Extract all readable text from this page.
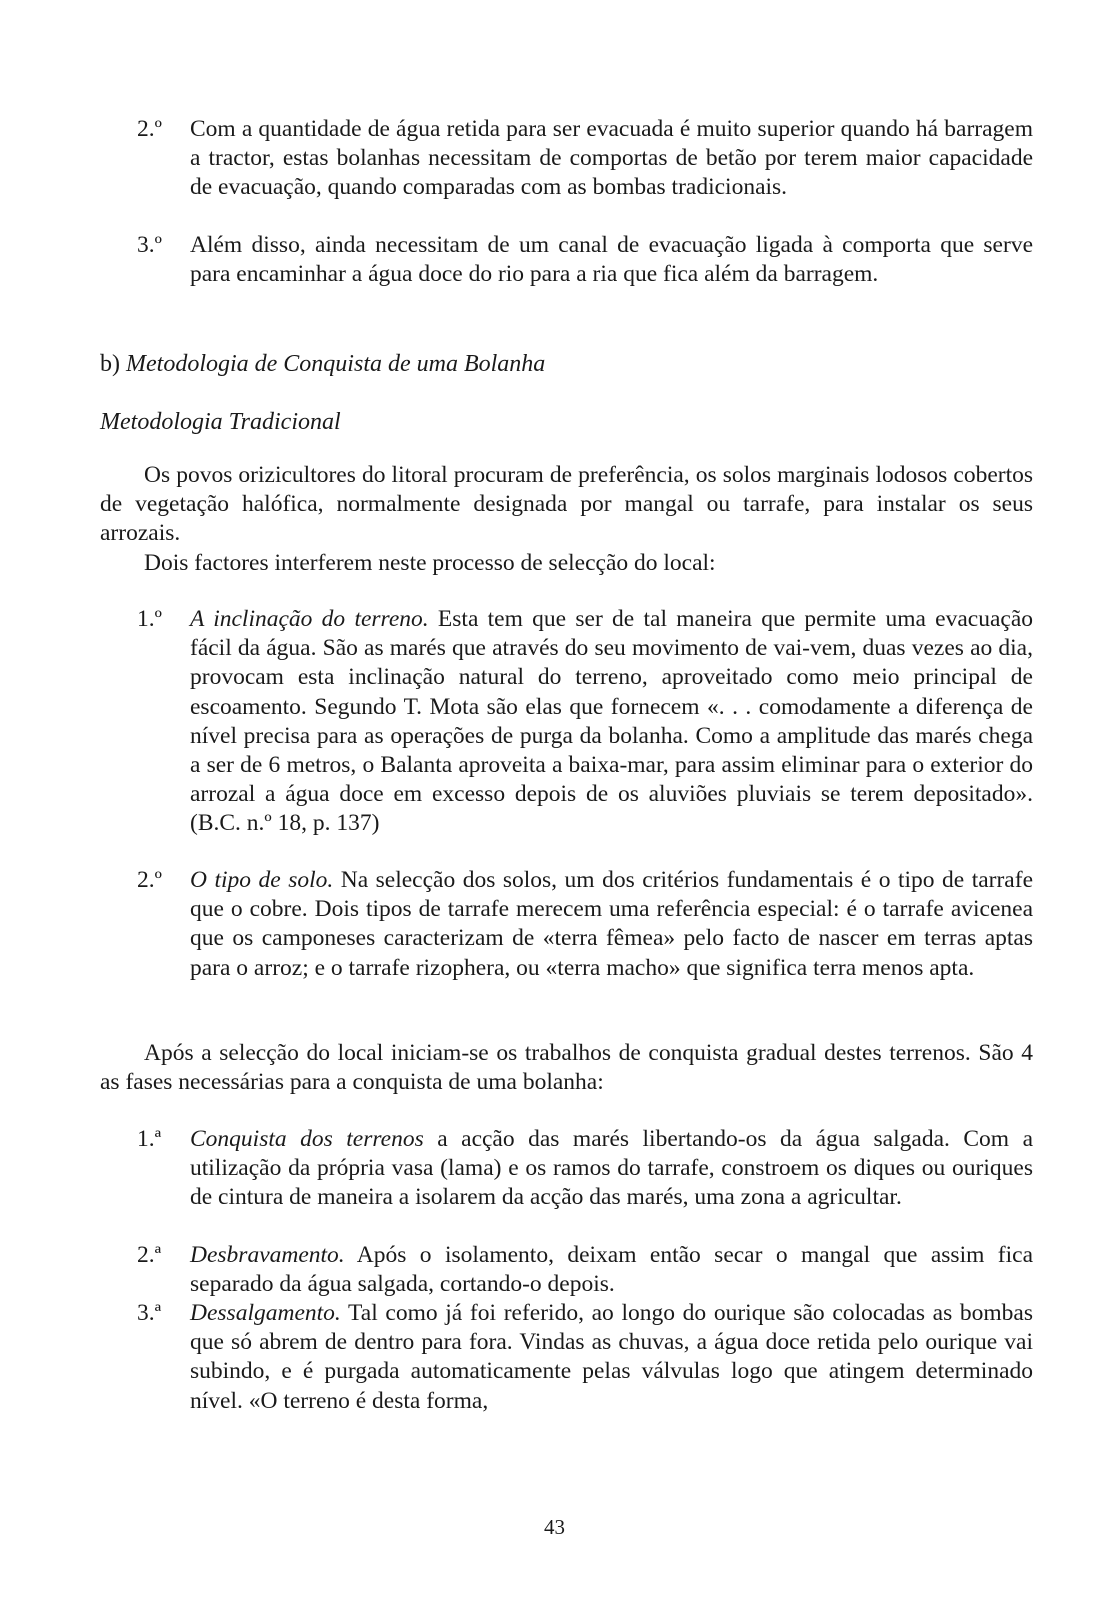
2.º	Com a quantidade de água retida para ser evacuada é muito superior quando há barragem a tractor, estas bolanhas necessitam de comportas de betão por terem maior capacidade de evacuação, quando comparadas com as bombas tradicionais.
3.º	Além disso, ainda necessitam de um canal de evacuação ligada à comporta que serve para encaminhar a água doce do rio para a ria que fica além da barragem.
b) Metodologia de Conquista de uma Bolanha
Metodologia Tradicional
Os povos orizicultores do litoral procuram de preferência, os solos marginais lodosos cobertos de vegetação halófica, normalmente designada por mangal ou tarrafe, para instalar os seus arrozais.
Dois factores interferem neste processo de selecção do local:
1.º	A inclinação do terreno. Esta tem que ser de tal maneira que permite uma evacuação fácil da água. São as marés que através do seu movimento de vai-vem, duas vezes ao dia, provocam esta inclinação natural do terreno, aproveitado como meio principal de escoamento. Segundo T. Mota são elas que fornecem «. . . comodamente a diferença de nível precisa para as operações de purga da bolanha. Como a amplitude das marés chega a ser de 6 metros, o Balanta aproveita a baixa-mar, para assim eliminar para o exterior do arrozal a água doce em excesso depois de os aluviões pluviais se terem depositado». (B.C. n.º 18, p. 137)
2.º	O tipo de solo. Na selecção dos solos, um dos critérios fundamentais é o tipo de tarrafe que o cobre. Dois tipos de tarrafe merecem uma referência especial: é o tarrafe avicenea que os camponeses caracterizam de «terra fêmea» pelo facto de nascer em terras aptas para o arroz; e o tarrafe rizophera, ou «terra macho» que significa terra menos apta.
Após a selecção do local iniciam-se os trabalhos de conquista gradual destes terrenos. São 4 as fases necessárias para a conquista de uma bolanha:
1.ª	Conquista dos terrenos a acção das marés libertando-os da água salgada. Com a utilização da própria vasa (lama) e os ramos do tarrafe, constroem os diques ou ouriques de cintura de maneira a isolarem da acção das marés, uma zona a agricultar.
2.ª	Desbravamento. Após o isolamento, deixam então secar o mangal que assim fica separado da água salgada, cortando-o depois.
3.ª	Dessalgamento. Tal como já foi referido, ao longo do ourique são colocadas as bombas que só abrem de dentro para fora. Vindas as chuvas, a água doce retida pelo ourique vai subindo, e é purgada automaticamente pelas válvulas logo que atingem determinado nível. «O terreno é desta forma,
43
